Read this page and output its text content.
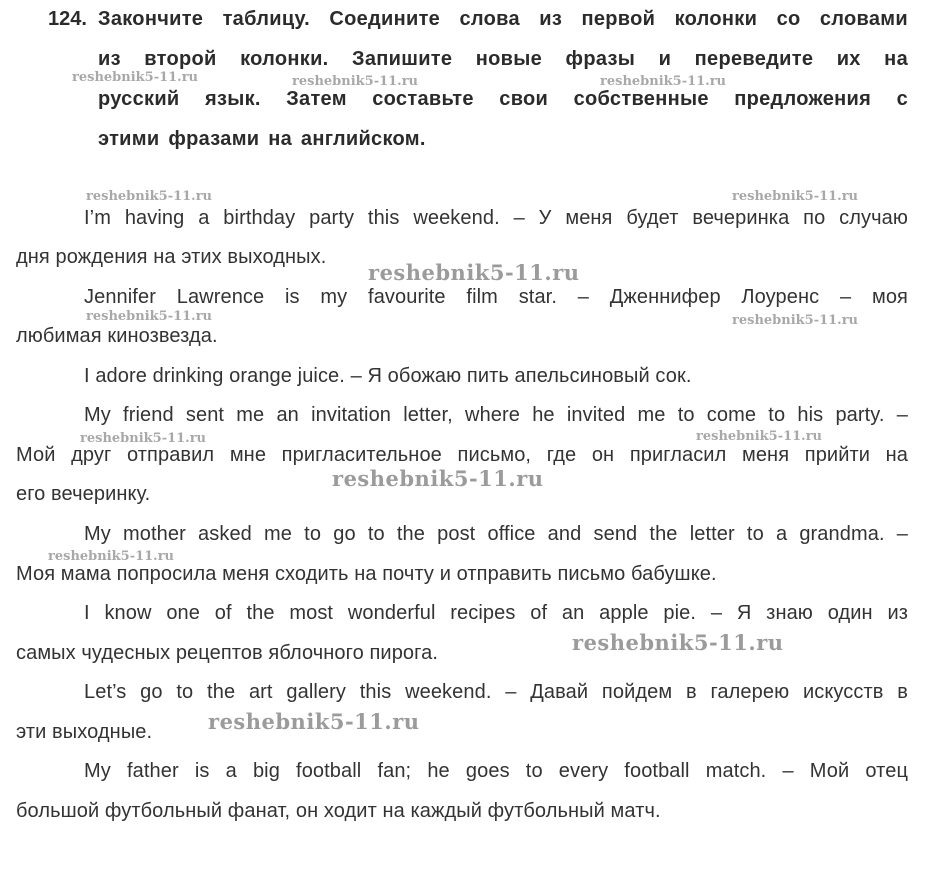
124. Закончите таблицу. Соедините слова из первой колонки со словами
из второй колонки. Запишите новые фразы и переведите их на
русский язык. Затем составьте свои собственные предложения с
этими фразами на английском.
I’m having a birthday party this weekend. – У меня будет вечеринка по случаю
дня рождения на этих выходных.
Jennifer Lawrence is my favourite film star. – Дженнифер Лоуренс – моя
любимая кинозвезда.
I adore drinking orange juice. – Я обожаю пить апельсиновый сок.
My friend sent me an invitation letter, where he invited me to come to his party. –
Мой друг отправил мне пригласительное письмо, где он пригласил меня прийти на
его вечеринку.
My mother asked me to go to the post office and send the letter to a grandma. –
Моя мама попросила меня сходить на почту и отправить письмо бабушке.
I know one of the most wonderful recipes of an apple pie. – Я знаю один из
самых чудесных рецептов яблочного пирога.
Let’s go to the art gallery this weekend. – Давай пойдем в галерею искусств в
эти выходные.
My father is a big football fan; he goes to every football match. – Мой отец
большой футбольный фанат, он ходит на каждый футбольный матч.
reshebnik5-11.ru	reshebnik5-11.ru	reshebnik5-11.ru
reshebnik5-11.ru	reshebnik5-11.ru
reshebnik5-11.ru
reshebnik5-11.ru	reshebnik5-11.ru
reshebnik5-11.ru	reshebnik5-11.ru
reshebnik5-11.ru
reshebnik5-11.ru
reshebnik5-11.ru
reshebnik5-11.ru
